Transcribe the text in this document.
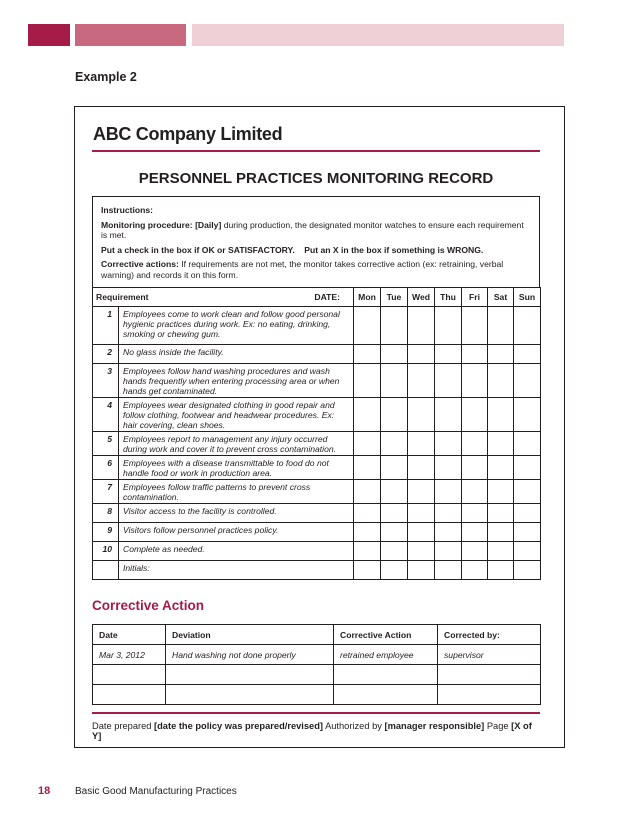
Example 2
ABC Company Limited
PERSONNEL PRACTICES MONITORING RECORD

Instructions:

Monitoring procedure: [Daily] during production, the designated monitor watches to ensure each requirement is met.

Put a check in the box if OK or SATISFACTORY. Put an X in the box if something is WRONG.

Corrective actions: If requirements are not met, the monitor takes corrective action (ex: retraining, verbal warning) and records it on this form.

Requirement DATE:		Mon	Tue	Wed	Thu	Fri	Sat	Sun
1	Employees come to work clean and follow good personal hygienic practices during work. Ex: no eating, drinking, smoking or chewing gum.							
2	No glass inside the facility.							
3	Employees follow hand washing procedures and wash hands frequently when entering processing area or when hands get contaminated.							
4	Employees wear designated clothing in good repair and follow clothing, footwear and headwear procedures. Ex: hair covering, clean shoes.							
5	Employees report to management any injury occurred during work and cover it to prevent cross contamination.							
6	Employees with a disease transmittable to food do not handle food or work in production area.							
7	Employees follow traffic patterns to prevent cross contamination.							
8	Visitor access to the facility is controlled.							
9	Visitors follow personnel practices policy.							
10	Complete as needed.							
	Initials:							
Corrective Action
Date	Deviation	Corrective Action	Corrected by:
Mar 3, 2012	Hand washing not done properly	retrained employee	supervisor

Date prepared [date the policy was prepared/revised] Authorized by [manager responsible] Page [X of Y]
18 Basic Good Manufacturing Practices
